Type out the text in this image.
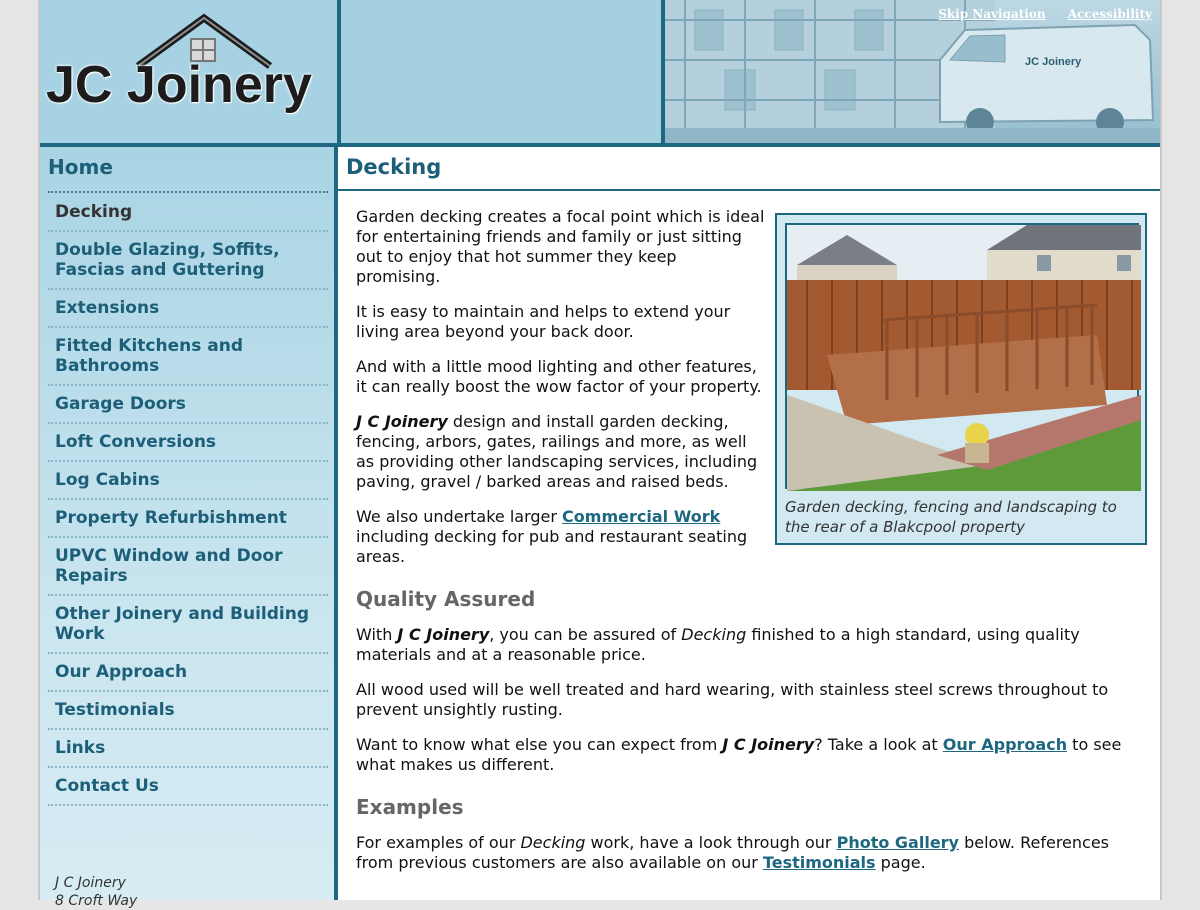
JC Joinery	JC Joinery
Skip Navigation Accessibility
Home
Decking
Double Glazing, Soffits, Fascias and Guttering
Extensions
Fitted Kitchens and Bathrooms
Garage Doors
Loft Conversions
Log Cabins
Property Refurbishment
UPVC Window and Door Repairs
Other Joinery and Building Work
Our Approach
Testimonials
Links
Contact Us
J C Joinery
8 Croft Way
Decking

Garden decking creates a focal point which is ideal for entertaining friends and family or just sitting out to enjoy that hot summer they keep promising.

It is easy to maintain and helps to extend your living area beyond your back door.

And with a little mood lighting and other features, it can really boost the wow factor of your property.

J C Joinery design and install garden decking, fencing, arbors, gates, railings and more, as well as providing other landscaping services, including paving, gravel / barked areas and raised beds.

We also undertake larger Commercial Work including decking for pub and restaurant seating areas.

Quality Assured

With J C Joinery, you can be assured of Decking finished to a high standard, using quality materials and at a reasonable price.

All wood used will be well treated and hard wearing, with stainless steel screws throughout to prevent unsightly rusting.

Want to know what else you can expect from J C Joinery? Take a look at Our Approach to see what makes us different.

Examples

For examples of our Decking work, have a look through our Photo Gallery below. References from previous customers are also available on our Testimonials page.

Garden decking, fencing and landscaping to the rear of a Blakcpool property
